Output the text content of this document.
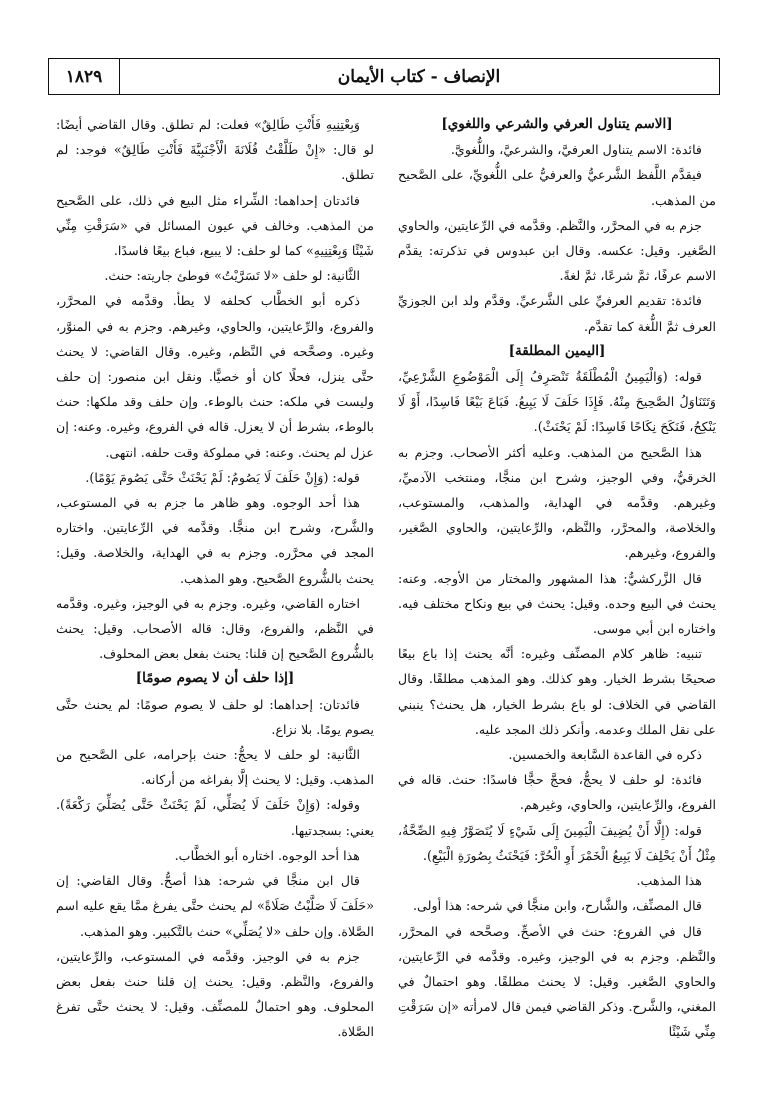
١٨٢٩	الإنصاف - كتاب الأيمان

[الاسم يتناول العرفي والشرعي واللغوي]

فائدة: الاسم يتناول العرفيَّ، والشرعيَّ، واللُّغويَّ.

فيقدَّم اللَّفظ الشَّرعيُّ والعرفيُّ على اللُّغويِّ، على الصَّحيح من المذهب.

جزم به في المحرَّر، والنَّظم. وقدَّمه في الرِّعايتين، والحاوي الصَّغير. وقيل: عكسه. وقال ابن عبدوس في تذكرته: يقدَّم الاسم عرفًا، ثمَّ شرعًا، ثمَّ لغةً.

فائدة: تقديم العرفيِّ على الشَّرعيِّ. وقدَّم ولد ابن الجوزيِّ العرف ثمَّ اللُّغة كما تقدَّم.

[اليمين المطلقة]

قوله: (وَالْيَمِينُ الْمُطْلَقَةُ تَنْصَرِفُ إِلَى الْمَوْضُوعِ الشَّرْعِيِّ، وَتَتَنَاوَلُ الصَّحِيحَ مِنْهُ. فَإِذَا حَلَفَ لَا يَبِيعُ. فَبَاعَ بَيْعًا فَاسِدًا، أَوْ لَا يَنْكِحُ، فَنَكَحَ نِكَاحًا فَاسِدًا: لَمْ يَحْنَثْ).

هذا الصَّحيح من المذهب. وعليه أكثر الأصحاب. وجزم به الخرقيُّ، وفي الوجيز، وشرح ابن منجًّا، ومنتخب الآدميِّ، وغيرهم. وقدَّمه في الهداية، والمذهب، والمستوعب، والخلاصة، والمحرَّر، والنَّظم، والرِّعايتين، والحاوي الصَّغير، والفروع، وغيرهم.

قال الزَّركشيُّ: هذا المشهور والمختار من الأوجه. وعنه: يحنث في البيع وحده. وقيل: يحنث في بيع ونكاح مختلف فيه. واختاره ابن أبي موسى.

تنبيه: ظاهر كلام المصنِّف وغيره: أنَّه يحنث إذا باع بيعًا صحيحًا بشرط الخيار. وهو كذلك. وهو المذهب مطلقًا. وقال القاضي في الخلاف: لو باع بشرط الخيار، هل يحنث؟ ينبني على نقل الملك وعدمه. وأنكر ذلك المجد عليه.

ذكره في القاعدة السَّابعة والخمسين.

فائدة: لو حلف لا يحجُّ، فحجَّ حجًّا فاسدًا: حنث. قاله في الفروع، والرِّعايتين، والحاوي، وغيرهم.

قوله: (إِلَّا أَنْ يُضِيفَ الْيَمِينَ إِلَى شَيْءٍ لَا يُتَصَوَّرُ فِيهِ الصِّحَّةُ، مِثْلُ أَنْ يَحْلِفَ لَا يَبِيعُ الْخَمْرَ أَوِ الْحُرَّ: فَيَحْنَثُ بِصُورَةِ الْبَيْعِ).

هذا المذهب.

قال المصنِّف، والشَّارح، وابن منجًّا في شرحه: هذا أولى.

قال في الفروع: حنث في الأصحِّ. وصحَّحه في المحرَّر، والنَّظم. وجزم به في الوجيز، وغيره. وقدَّمه في الرِّعايتين، والحاوي الصَّغير. وقيل: لا يحنث مطلقًا. وهو احتمالٌ في المغني، والشَّرح. وذكر القاضي فيمن قال لامرأته «إن سَرَقْتِ مِنِّي شَيْئًا

وَبِعْتِنِيهِ فَأَنْتِ طَالِقٌ» فعلت: لم تطلق. وقال القاضي أيضًا: لو قال: «إِنْ طَلَّقْتُ فُلَانَةَ الْأَجْنَبِيَّةَ فَأَنْتِ طَالِقٌ» فوجد: لم تطلق.

فائدتان إحداهما: الشِّراء مثل البيع في ذلك، على الصَّحيح من المذهب. وخالف في عيون المسائل في «سَرَقْتِ مِنِّي شَيْئًا وَبِعْتِنِيهِ» كما لو حلف: لا يبيع، فباع بيعًا فاسدًا.

الثَّانية: لو حلف «لا تَسَرَّيْتُ» فوطئ جاريته: حنث.

ذكره أبو الخطَّاب كحلفه لا يطأ. وقدَّمه في المحرَّر، والفروع، والرِّعايتين، والحاوي، وغيرهم. وجزم به في المنوَّر، وغيره. وصحَّحه في النَّظم، وغيره. وقال القاضي: لا يحنث حتَّى ينزل، فحلًا كان أو خصيًّا. ونقل ابن منصور: إن حلف وليست في ملكه: حنث بالوطء. وإن حلف وقد ملكها: حنث بالوطء، بشرط أن لا يعزل. قاله في الفروع، وغيره. وعنه: إن عزل لم يحنث. وعنه: في مملوكة وقت حلفه. انتهى.

قوله: (وَإِنْ حَلَفَ لَا يَصُومُ: لَمْ يَحْنَثْ حَتَّى يَصُومَ يَوْمًا).

هذا أحد الوجوه. وهو ظاهر ما جزم به في المستوعب، والشَّرح، وشرح ابن منجًّا. وقدَّمه في الرِّعايتين. واختاره المجد في محرَّره. وجزم به في الهداية، والخلاصة. وقيل: يحنث بالشُّروع الصَّحيح. وهو المذهب.

اختاره القاضي، وغيره. وجزم به في الوجيز، وغيره. وقدَّمه في النَّظم، والفروع، وقال: قاله الأصحاب. وقيل: يحنث بالشُّروع الصَّحيح إن قلنا: يحنث بفعل بعض المحلوف.

[إذا حلف أن لا يصوم صومًا]

فائدتان: إحداهما: لو حلف لا يصوم صومًا: لم يحنث حتَّى يصوم يومًا. بلا نزاع.

الثَّانية: لو حلف لا يحجُّ: حنث بإحرامه، على الصَّحيح من المذهب. وقيل: لا يحنث إلَّا بفراغه من أركانه.

وقوله: (وَإِنْ حَلَفَ لَا يُصَلِّي، لَمْ يَحْنَثْ حَتَّى يُصَلِّيَ رَكْعَةً). يعني: بسجدتيها.

هذا أحد الوجوه. اختاره أبو الخطَّاب.

قال ابن منجًّا في شرحه: هذا أصحُّ. وقال القاضي: إن «حَلَفَ لَا صَلَّيْتُ صَلَاةً» لم يحنث حتَّى يفرغ ممَّا يقع عليه اسم الصَّلاة. وإن حلف «لا يُصَلِّي» حنث بالتَّكبير. وهو المذهب.

جزم به في الوجيز. وقدَّمه في المستوعب، والرِّعايتين، والفروع، والنَّظم. وقيل: يحنث إن قلنا حنث بفعل بعض المحلوف. وهو احتمالٌ للمصنِّف. وقيل: لا يحنث حتَّى تفرغ الصَّلاة.
